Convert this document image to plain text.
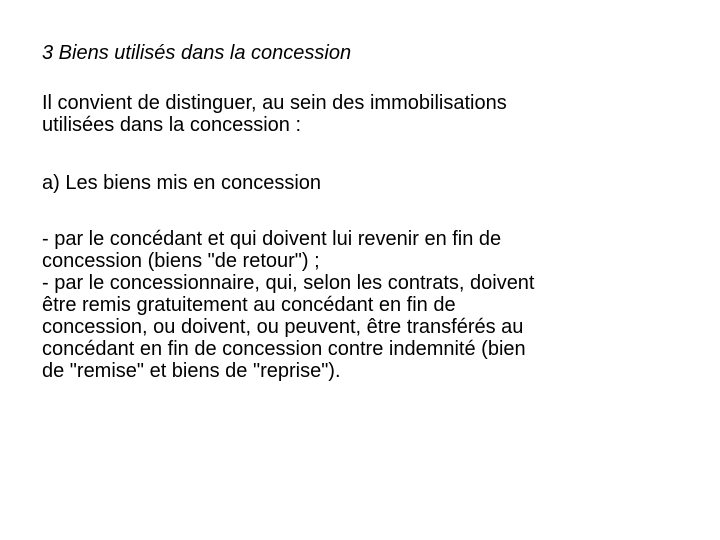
3 Biens utilisés dans la concession

Il convient de distinguer, au sein des immobilisations
utilisées dans la concession :

a) Les biens mis en concession

- par le concédant et qui doivent lui revenir en fin de
concession (biens "de retour") ;
- par le concessionnaire, qui, selon les contrats, doivent
être remis gratuitement au concédant en fin de
concession, ou doivent, ou peuvent, être transférés au
concédant en fin de concession contre indemnité (bien
de "remise" et biens de "reprise").
